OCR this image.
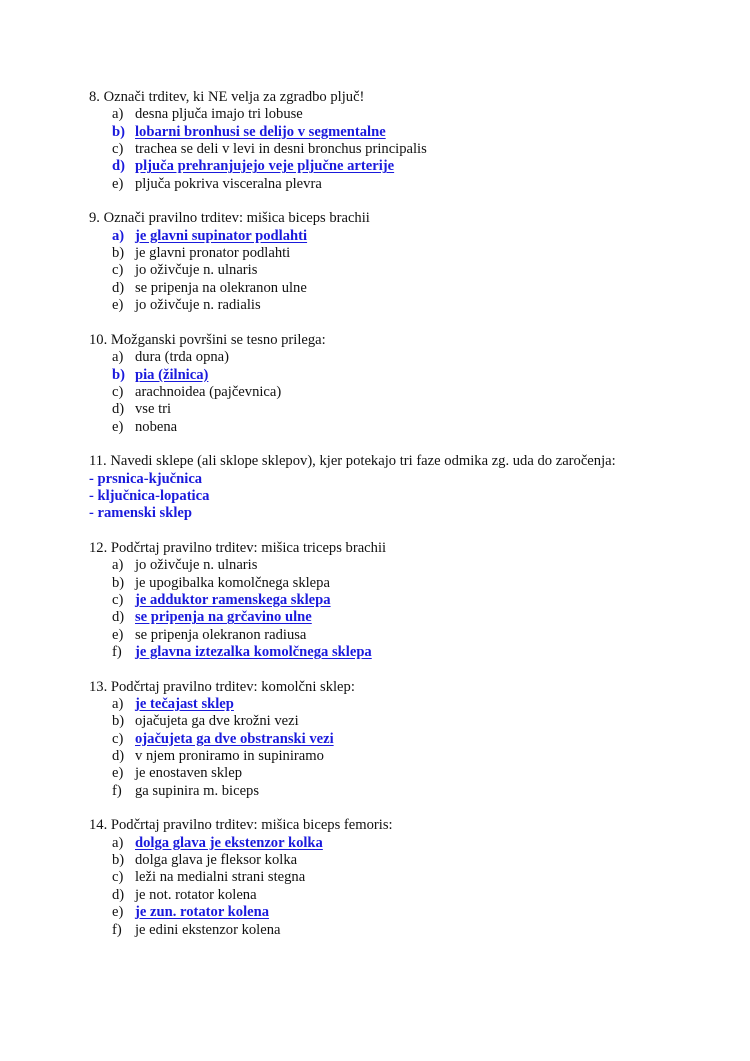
8. Označi trditev, ki NE velja za zgradbo pljuč!
a) desna pljuča imajo tri lobuse
b) lobarni bronhusi se delijo v segmentalne
c) trachea se deli v levi in desni bronchus principalis
d) pljuča prehranjujejo veje pljučne arterije
e) pljuča pokriva visceralna plevra
9. Označi pravilno trditev: mišica biceps brachii
a) je glavni supinator podlahti
b) je glavni pronator podlahti
c) jo oživčuje n. ulnaris
d) se pripenja na olekranon ulne
e) jo oživčuje n. radialis
10. Možganski površini se tesno prilega:
a) dura (trda opna)
b) pia (žilnica)
c) arachnoidea (pajčevnica)
d) vse tri
e) nobena
11. Navedi sklepe (ali sklope sklepov), kjer potekajo tri faze odmika zg. uda do zaročenja:
- prsnica-kjučnica
- ključnica-lopatica
- ramenski sklep
12. Podčrtaj pravilno trditev: mišica triceps brachii
a) jo oživčuje n. ulnaris
b) je upogibalka komolčnega sklepa
c) je adduktor ramenskega sklepa
d) se pripenja na grčavino ulne
e) se pripenja olekranon radiusa
f) je glavna iztezalka komolčnega sklepa
13. Podčrtaj pravilno trditev: komolčni sklep:
a) je tečajast sklep
b) ojačujeta ga dve krožni vezi
c) ojačujeta ga dve obstranski vezi
d) v njem proniramo in supiniramo
e) je enostaven sklep
f) ga supinira m. biceps
14. Podčrtaj pravilno trditev: mišica biceps femoris:
a) dolga glava je ekstenzor kolka
b) dolga glava je fleksor kolka
c) leži na medialni strani stegna
d) je not. rotator kolena
e) je zun. rotator kolena
f) je edini ekstenzor kolena
